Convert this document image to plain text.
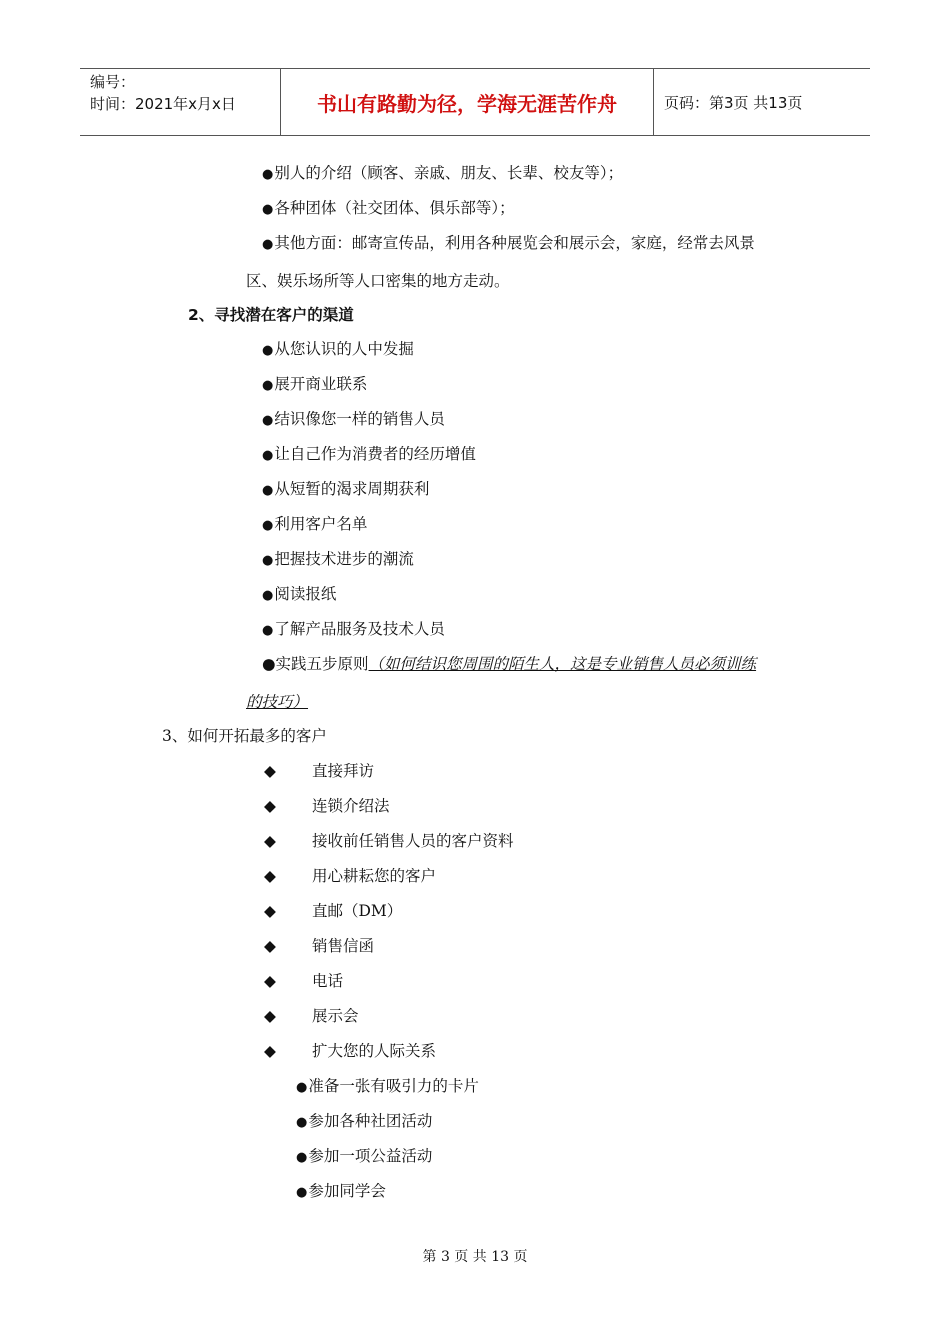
编号：
时间：2021年x月x日	书山有路勤为径，学海无涯苦作舟	页码：第3页 共13页
● 别人的介绍（顾客、亲戚、朋友、长辈、校友等）；
● 各种团体（社交团体、俱乐部等）；
● 其他方面：邮寄宣传品，利用各种展览会和展示会，家庭，经常去风景
区、娱乐场所等人口密集的地方走动。
2、寻找潜在客户的渠道
● 从您认识的人中发掘
● 展开商业联系
● 结识像您一样的销售人员
● 让自己作为消费者的经历增值
● 从短暂的渴求周期获利
● 利用客户名单
● 把握技术进步的潮流
● 阅读报纸
● 了解产品服务及技术人员
●实践五步原则（如何结识您周围的陌生人，这是专业销售人员必须训练
的技巧）
3、如何开拓最多的客户
◆ 直接拜访
◆ 连锁介绍法
◆ 接收前任销售人员的客户资料
◆ 用心耕耘您的客户
◆ 直邮（DM）
◆ 销售信函
◆ 电话
◆ 展示会
◆ 扩大您的人际关系
● 准备一张有吸引力的卡片
● 参加各种社团活动
● 参加一项公益活动
● 参加同学会
第 3 页 共 13 页
